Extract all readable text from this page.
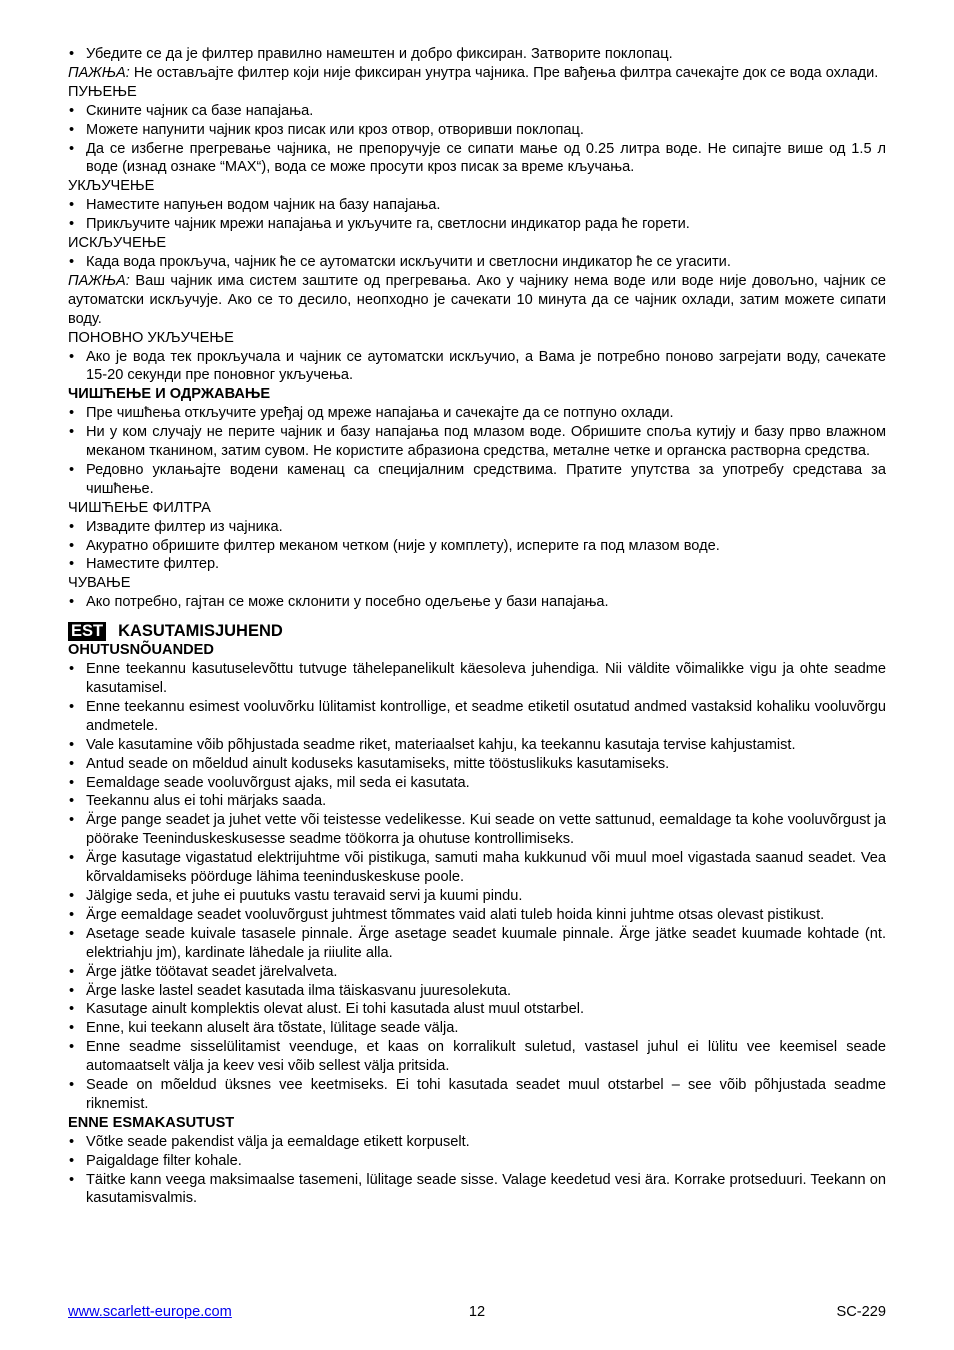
• Убедите се да је филтер правилно намештен и добро фиксиран. Затворите поклопац.

ПАЖЊА: Не остављајте филтер који није фиксиран унутра чајника. Пре вађења филтра сачекајте док се вода охлади.

ПУЊЕЊЕ

• Скините чајник са базе напајања.
• Можете напунити чајник кроз писак или кроз отвор, отворивши поклопац.
• Да се избегне прегревање чајника, не препоручује се сипати мање од 0.25 литра воде. Не сипајте више од 1.5 л воде (изнад ознаке “MAX“), вода се може просути кроз писак за време кључања.

УКЉУЧЕЊЕ

• Наместите напуњен водом чајник на базу напајања.
• Прикључите чајник мрежи напајања и укључите га, светлосни индикатор рада ће горети.

ИСКЉУЧЕЊЕ

• Када вода прокључа, чајник ће се аутоматски искључити и светлосни индикатор ће се угасити.

ПАЖЊА: Ваш чајник има систем заштите од прегревања. Ако у чајнику нема воде или воде није довољно, чајник се аутоматски искључује. Ако се то десило, неопходно је сачекати 10 минута да се чајник охлади, затим можете сипати воду.

ПОНОВНО УКЉУЧЕЊЕ

• Ако је вода тек прокључала и чајник се аутоматски искључио, а Вама је потребно поново загрејати воду, сачекате 15-20 секунди пре поновног укључења.

ЧИШЋЕЊЕ И ОДРЖАВАЊЕ

• Пре чишћења откључите уређај од мреже напајања и сачекајте да се потпуно охлади.
• Ни у ком случају не перите чајник и базу напајања под млазом воде. Обришите споља кутију и базу прво влажном меканом тканином, затим сувом. Не користите абразиона средства, металне четке и органска растворна средства.
• Редовно уклањајте водени каменац са специјалним средствима. Пратите упутства за употребу средстава за чишћење.

ЧИШЋЕЊЕ ФИЛТРА

• Извадите филтер из чајника.
• Акуратно обришите филтер меканом четком (није у комплету), исперите га под млазом воде.
• Наместите филтер.

ЧУВАЊЕ

• Ако потребно, гајтан се може склонити у посебно одељење у бази напајања.
EST KASUTAMISJUHEND

OHUTUSNÕUANDED

• Enne teekannu kasutuselevõttu tutvuge tähelepanelikult käesoleva juhendiga. Nii väldite võimalikke vigu ja ohte seadme kasutamisel.
• Enne teekannu esimest vooluvõrku lülitamist kontrollige, et seadme etiketil osutatud andmed vastaksid kohaliku vooluvõrgu andmetele.
• Vale kasutamine võib põhjustada seadme riket, materiaalset kahju, ka teekannu kasutaja tervise kahjustamist.
• Antud seade on mõeldud ainult koduseks kasutamiseks, mitte tööstuslikuks kasutamiseks.
• Eemaldage seade vooluvõrgust ajaks, mil seda ei kasutata.
• Teekannu alus ei tohi märjaks saada.
• Ärge pange seadet ja juhet vette või teistesse vedelikesse. Kui seade on vette sattunud, eemaldage ta kohe vooluvõrgust ja pöörake Teeninduskeskusesse seadme töökorra ja ohutuse kontrollimiseks.
• Ärge kasutage vigastatud elektrijuhtme või pistikuga, samuti maha kukkunud või muul moel vigastada saanud seadet. Vea kõrvaldamiseks pöörduge lähima teeninduskeskuse poole.
• Jälgige seda, et juhe ei puutuks vastu teravaid servi ja kuumi pindu.
• Ärge eemaldage seadet vooluvõrgust juhtmest tõmmates vaid alati tuleb hoida kinni juhtme otsas olevast pistikust.
• Asetage seade kuivale tasasele pinnale. Ärge asetage seadet kuumale pinnale. Ärge jätke seadet kuumade kohtade (nt. elektriahju jm), kardinate lähedale ja riiulite alla.
• Ärge jätke töötavat seadet järelvalveta.
• Ärge laske lastel seadet kasutada ilma täiskasvanu juuresolekuta.
• Kasutage ainult komplektis olevat alust. Ei tohi kasutada alust muul otstarbel.
• Enne, kui teekann aluselt ära tõstate, lülitage seade välja.
• Enne seadme sisselülitamist veenduge, et kaas on korralikult suletud, vastasel juhul ei lülitu vee keemisel seade automaatselt välja ja keev vesi võib sellest välja pritsida.
• Seade on mõeldud üksnes vee keetmiseks. Ei tohi kasutada seadet muul otstarbel – see võib põhjustada seadme riknemist.

ENNE ESMAKASUTUST

• Võtke seade pakendist välja ja eemaldage etikett korpuselt.
• Paigaldage filter kohale.
• Täitke kann veega maksimaalse tasemeni, lülitage seade sisse. Valage keedetud vesi ära. Korrake protseduuri. Teekann on kasutamisvalmis.
www.scarlett-europe.com	12	SC-229
